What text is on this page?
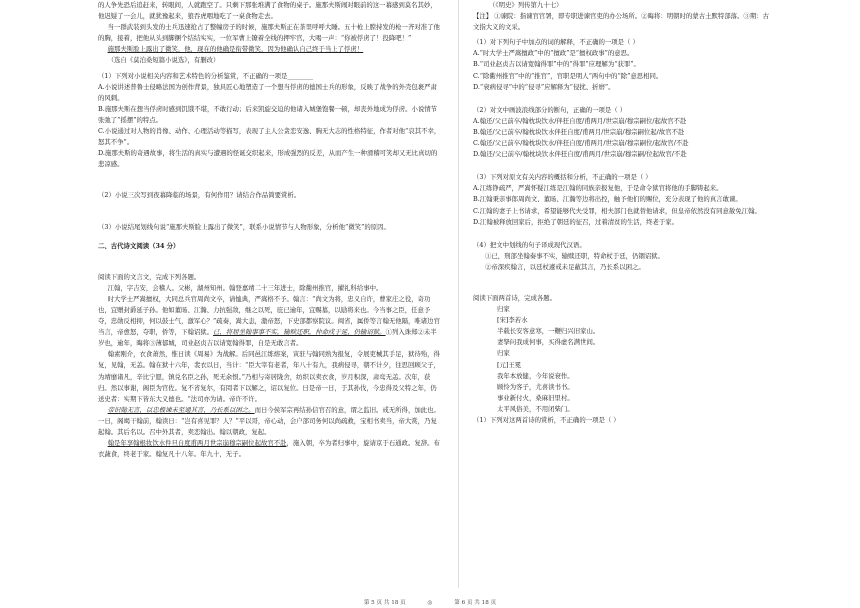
的人争先恐后追赶来，转眼间，人就跑空了。只剩下那张堆满了食物的桌子。施那夫斯闹对眼前的这一幕感到莫名其妙，他迟疑了一会儿，就犹豫起来，狼吞虎咽地吃了一桌食物走去。

当一群武装到头发的士兵迅速抢占了整幢房子的时候，施那夫斯正在茶里呼呼大睡。五十枪上膛持发的枪一齐对准了他的胸，接着，把他从头到脚捆个结结实实，一位军曹上镣着全线的押牢官，大喝一声：“你被俘虏了！投降吧！”

施那夫斯脸上露出了微笑，他，现在的他确是衔带微笑，因为他确认自己终于当上了俘虏！

（选自《莫泊桑短篇小说选》，有删改）

（1）下列对小说相关内容和艺术特色的分析鉴赏，不正确的一项是________

A.小说讲述普鲁士侵略法国为创作背景，独具匠心地塑造了一个想当俘虏的德国士兵的形象，反映了战争的外壳包裹严肃的风刺。

B.施那夫斯在想当俘虏时感到饥饿不堪，不敢行动；后来凯旋交迫的他诸入城堡饱餐一顿，却丧外地成为俘虏。小说情节张弛了“摇摆”的特点。

C.小说通过对人物的肖像、动作、心理活动等描写，表现了主人公贪恋安逸、胸无大志的性格特征，作者对他“哀其不幸，怒其不争”。

D.施那夫斯的奇遇故事，将生活的真实与遭遇的怪诞交织起来，形成强烈的反差，从而产生一种滑稽可笑却又无比真切的悲凉感。

（2）小说三次写到夜幕降临的场景，有何作用？请结合作品简要赏析。

（3）小说结尾划线句说“施那夫斯脸上露出了微笑”，联系小说情节与人物形象，分析他“微笑”的原因。

二、古代诗文阅读（34 分）

阅读下面的文言文，完成下列各题。

江翰，字吉安，会稽人。父彬，湖州知州。翰登嘉靖二十三年进士，除衢州推官，擢礼科给事中。

时大学士严嵩擅权，大同总兵官周尚文卒，请恤典，严嵩格不予。翰言：“尚文为将，忠义自许，曹家庄之役，奇功也，宜赠封爵延子孙。他如董旸、江瀚、力抗强敌，继之以死，庇已逾年，宜赐墓，以励将来也。今当事之臣，任意予夺，忠勋反相抑，何以鼓士气，激军心？”疏奏，嵩大恚，激帝怒，下史部都察院议。闽省，属侨等言翰无他隔，唯诸边官当言，帝愈怒，夺职，侨等，下翰诏狱。已，将屈坐翰事事不实，输赎还职，仲命戍于延，仍输诏狱。①列入诛郑②未半岁也，逾年，晦将③薄郁城，司业赵贞吉以请宽翰得罪，自是无敢言者。

翰素刚介，衣食萧然，惟日读《周易》为战解。后同邑江练熔案，寅驻与翰同熟为报复，令展吏械其手足，狱待殆，得复，见翰，无恙。翰在狱十六年，裴衣以日，当计：“臣大宰有老者，年八十有九，我病侵寻，朝不计夕，往思回顾父子，为靖靡诸凡，辛比宁愿，镇兑名臣之孙，死无余恨。”乃相与寄居陇舍，纺织以卖衣食，岁月积深，肃鸾无恙。次年，获归。然以事谢，阁臣为官佐。复不省复尔，有罔者下以解之，诏以复位。曰是帝一日，于其孙伐，今忠得及父特之年，仍送史者：实期下皆东大义德也。“法司亦为请。帝许不许。

帝识翰无言，以忠极谏未至通其言，乃长系以困之。而日今侯军宗再结孙信官召的意，谓之监旧。戒无所得，加此也。一日，阁竭干翰前，翰读日：“岂有喜见罪？人？”平以哥，帝心动，会户部司务何以尚疏救，宝相书卖当，帝大赏，乃复起翰。其后名以。召中外其者，卖恋翰出。翰以朝政，复起。

翰是年享翰根妆饮水件旦自度甫两月世宗崩穆宗嗣位起故官不赴，施入朝，卒为者归事中，旋请京于石通政。复辞。布衣蔬食，终老于家。翰复凡十八年。年九十，无子。

（《明史》列传第九十七）

【注】 ①谏院：指谏官官署，即专职进谏官吏的办公场所。②晦将：明朝时的蒙古土默特部落。③期：古文指大义的文采。

（1）对下列句子中加点的词的解释，不正确的一项是（ ）

A.“时大学士严嵩擅政”中的“擅政”是“擅权政事”的意思。

B.“司业赵贞吉以请宽翰得罪”中的“得罪”应理解为“获罪”。

C.“除衢州推官”中的“推官”，官职是明人“两句中的“除”意思相同。

D.“衰病侵寻”中的“侵寻”应解释为“侵扰、折磨”。

（2）对文中画波浪线部分的断句，正确的一项是（ ）

A.翰还/父已前卒/翰枕块饮水/伴狂自度/甫两月/世宗崩/穆宗嗣位/起故官不赴

B.翰还/父已前卒/翰枕块饮水伴狂自度/甫两月/世宗崩/穆宗嗣位起/故官不赴

C.翰还/父已前卒/翰枕块饮水/伴狂自度/甫两月/世宗崩/穆宗嗣位/起故官/不赴

D.翰还/父已前卒/翰枕块饮水伴狂自度/甫两月/世宗崩/穆宗嗣/位起故官/不赴

（3）下列对原文有关内容的概括和分析，不正确的一项是（ ）

A.江练铮疏严，严嵩怀疑江练是江翰的同族亲报复他，于是命令狱官将他的手脚铸起来。

B.江翰秉亲事郎周尚文、董旸、江瀚等边将出控，触予他们的赐位，充分表现了他的真言敢谏。

C.江翰的妻子上书请求，希望能够代夫受罪，相夫部门也就替他请求，但皇帝依然没有同意赦免江翰。

D.江翰被释放回家后，拒绝了朝廷的征召，过着清贫的生活，终老于家。

（4）把文中划线的句子译成现代汉语。

①已，刑部坐翰奏事不实，输赎还职，特命杖于廷，仍锢诏狱。

②帝深疾翰言，以廷杖遽戒未足蔽其言，乃长系以困之。

阅读下面两首诗，完成各题。

归家

[宋]李若水

半载长安客意寒，一鞭归兴旧家山。

妻孥问我成何事，买得虚名满世间。

归家

[元]王冕

我年本放健，今年说衰作。

顾怜为客子，尤喜读书书。

事业新付火，桑麻旧里村。

太平风俗美，不用闭柴门。

（1）下列对这两首诗的赏析，不正确的一项是（ ）

第 5 页 共 18 页	◎	第 6 页 共 18 页
